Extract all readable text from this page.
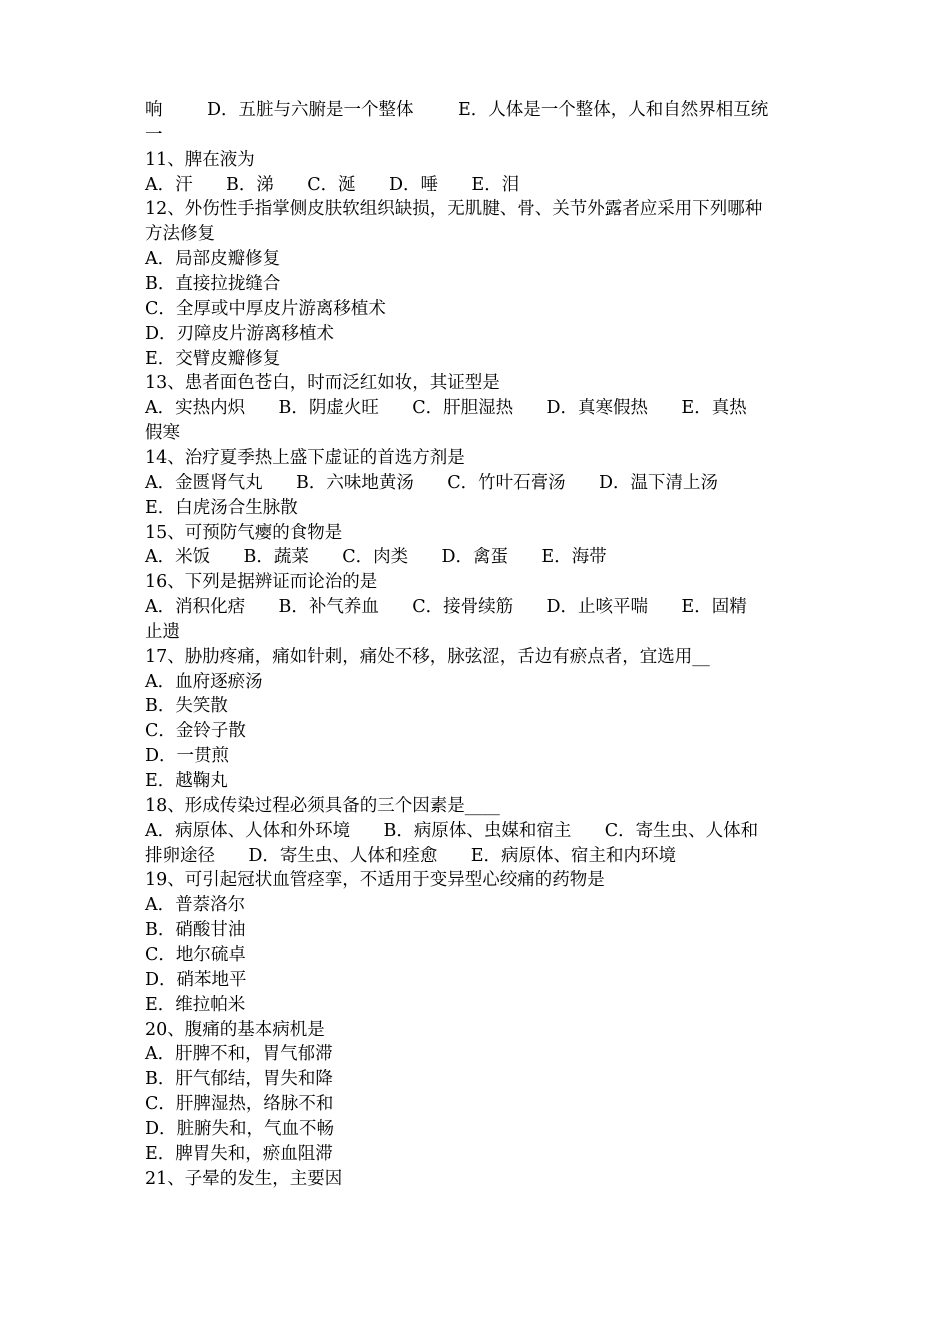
响        D．五脏与六腑是一个整体        E．人体是一个整体，人和自然界相互统
一
11、脾在液为
A．汗      B．涕      C．涎      D．唾      E．泪
12、外伤性手指掌侧皮肤软组织缺损，无肌腱、骨、关节外露者应采用下列哪种
方法修复
A．局部皮瓣修复
B．直接拉拢缝合
C．全厚或中厚皮片游离移植术
D．刃障皮片游离移植术
E．交臂皮瓣修复
13、患者面色苍白，时而泛红如妆，其证型是
A．实热内炽      B．阴虚火旺      C．肝胆湿热      D．真寒假热      E．真热
假寒
14、治疗夏季热上盛下虚证的首选方剂是
A．金匮肾气丸      B．六味地黄汤      C．竹叶石膏汤      D．温下清上汤
E．白虎汤合生脉散
15、可预防气瘿的食物是
A．米饭      B．蔬菜      C．肉类      D．禽蛋      E．海带
16、下列是据辨证而论治的是
A．消积化痞      B．补气养血      C．接骨续筋      D．止咳平喘      E．固精
止遗
17、胁肋疼痛，痛如针刺，痛处不移，脉弦涩，舌边有瘀点者，宜选用__
A．血府逐瘀汤
B．失笑散
C．金铃子散
D．一贯煎
E．越鞠丸
18、形成传染过程必须具备的三个因素是____
A．病原体、人体和外环境      B．病原体、虫媒和宿主      C．寄生虫、人体和
排卵途径      D．寄生虫、人体和痊愈      E．病原体、宿主和内环境
19、可引起冠状血管痉挛，不适用于变异型心绞痛的药物是
A．普萘洛尔
B．硝酸甘油
C．地尔硫卓
D．硝苯地平
E．维拉帕米
20、腹痛的基本病机是
A．肝脾不和，胃气郁滞
B．肝气郁结，胃失和降
C．肝脾湿热，络脉不和
D．脏腑失和，气血不畅
E．脾胃失和，瘀血阻滞
21、子晕的发生，主要因
